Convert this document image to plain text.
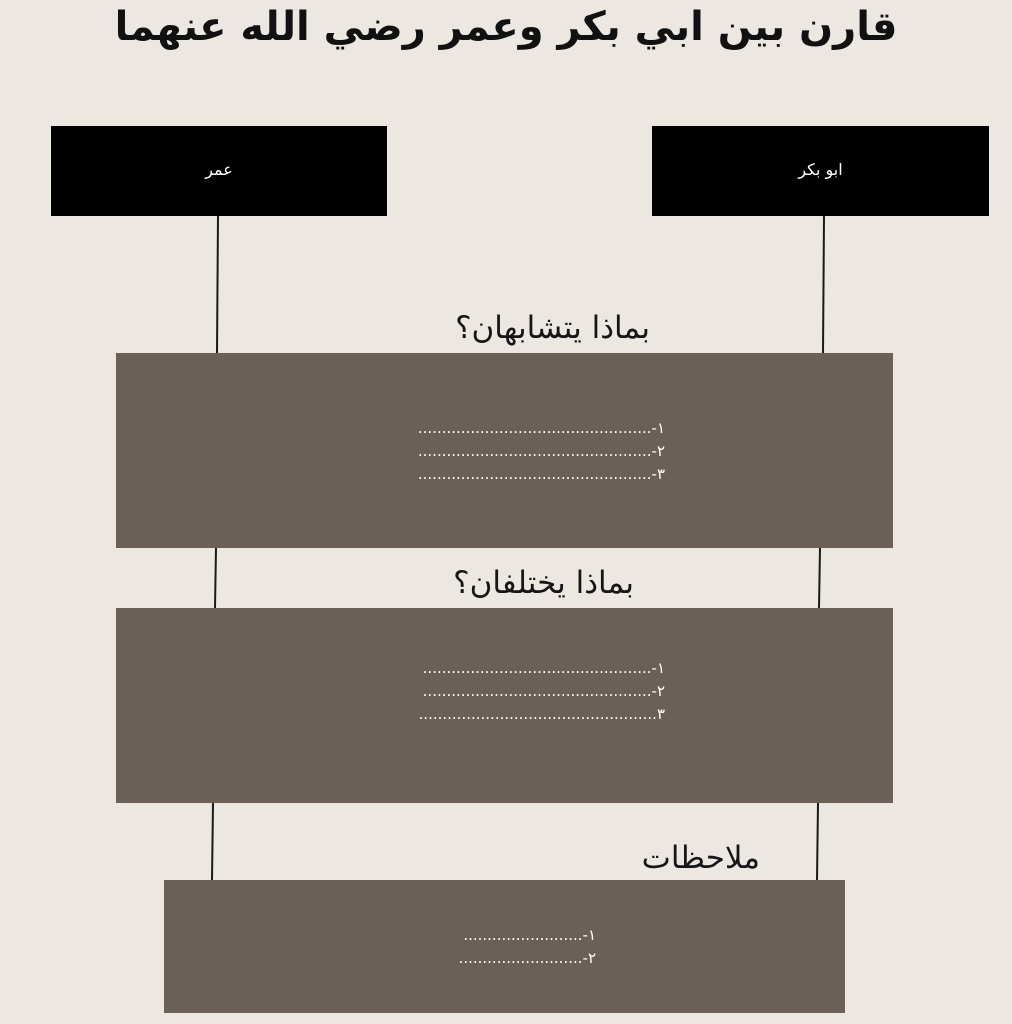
قارن بين ابي بكر وعمر رضي الله عنهما
عمر	ابو بكر
بماذا يتشابهان؟
١-.................................................
٢-.................................................
٣-.................................................
بماذا يختلفان؟
١-................................................
٢-................................................
٣..................................................
ملاحظات
١-.........................
٢-..........................
